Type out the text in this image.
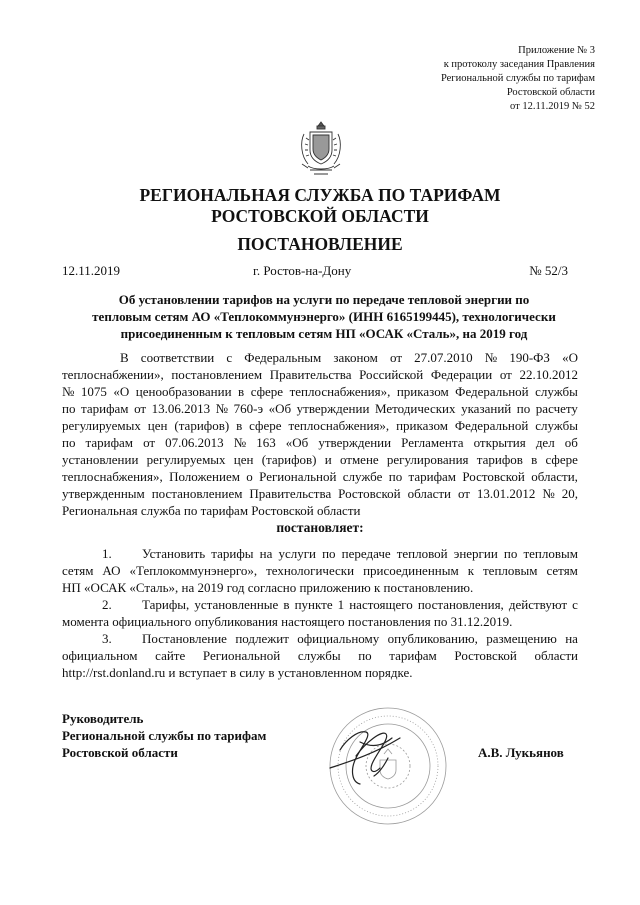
Приложение № 3
к протоколу заседания Правления
Региональной службы по тарифам
Ростовской области
от 12.11.2019 № 52
РЕГИОНАЛЬНАЯ СЛУЖБА ПО ТАРИФАМ
РОСТОВСКОЙ ОБЛАСТИ
ПОСТАНОВЛЕНИЕ
12.11.2019	г. Ростов-на-Дону	№ 52/3
Об установлении тарифов на услуги по передаче тепловой энергии по
тепловым сетям АО «Теплокоммунэнерго» (ИНН 6165199445), технологически
присоединенным к тепловым сетям НП «ОСАК «Сталь», на 2019 год
В соответствии с Федеральным законом от 27.07.2010 № 190-ФЗ «О
теплоснабжении», постановлением Правительства Российской Федерации от 22.10.2012
№ 1075 «О ценообразовании в сфере теплоснабжения», приказом Федеральной службы
по тарифам от 13.06.2013 № 760-э «Об утверждении Методических указаний по расчету
регулируемых цен (тарифов) в сфере теплоснабжения», приказом Федеральной службы
по тарифам от 07.06.2013 № 163 «Об утверждении Регламента открытия дел об
установлении регулируемых цен (тарифов) и отмене регулирования тарифов в сфере
теплоснабжения», Положением о Региональной службе по тарифам Ростовской области,
утвержденным постановлением Правительства Ростовской области от 13.01.2012 № 20,
Региональная служба по тарифам Ростовской области
постановляет:
1.	Установить тарифы на услуги по передаче тепловой энергии по тепловым
сетям АО «Теплокоммунэнерго», технологически присоединенным к тепловым сетям
НП «ОСАК «Сталь», на 2019 год согласно приложению к постановлению.
2.	Тарифы, установленные в пункте 1 настоящего постановления, действуют с
момента официального опубликования настоящего постановления по 31.12.2019.
3.	Постановление подлежит официальному опубликованию, размещению на
официальном сайте Региональной службы по тарифам Ростовской области
http://rst.donland.ru и вступает в силу в установленном порядке.
Руководитель
Региональной службы по тарифам
Ростовской области	А.В. Лукьянов
